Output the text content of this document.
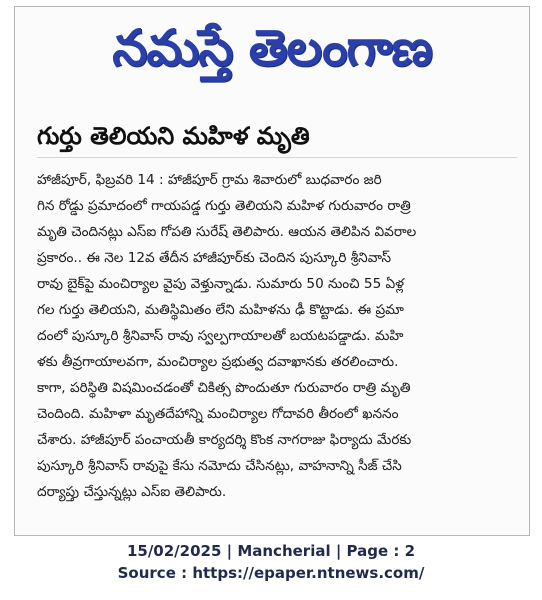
నమస్తే తెలంగాణ
గుర్తు తెలియని మహిళ మృతి
హాజీపూర్, ఫిబ్రవరి 14 : హాజీపూర్ గ్రామ శివారులో బుధవారం జరి
గిన రోడ్డు ప్రమాదంలో గాయపడ్డ గుర్తు తెలియని మహిళ గురువారం రాత్రి
మృతి చెందినట్లు ఎస్ఐ గోపతి సురేష్ తెలిపారు. ఆయన తెలిపిన వివరాల
ప్రకారం.. ఈ నెల 12వ తేదీన హాజీపూర్‌కు చెందిన పుస్కూరి శ్రీనివాస్
రావు బైక్‌పై మంచిర్యాల వైపు వెళ్తున్నాడు. సుమారు 50 నుంచి 55 ఏళ్ల
గల గుర్తు తెలియని, మతిస్థిమితం లేని మహిళను ఢీ కొట్టాడు. ఈ ప్రమా
దంలో పుస్కూరి శ్రీనివాస్ రావు స్వల్పగాయాలతో బయటపడ్డాడు. మహి
ళకు తీవ్రగాయాలవగా, మంచిర్యాల ప్రభుత్వ దవాఖానకు తరలించారు.
కాగా, పరిస్థితి విషమించడంతో చికిత్స పొందుతూ గురువారం రాత్రి మృతి
చెందింది. మహిళా మృతదేహాన్ని మంచిర్యాల గోదావరి తీరంలో ఖననం
చేశారు. హాజీపూర్ పంచాయతీ కార్యదర్శి కొంక నాగరాజు ఫిర్యాదు మేరకు
పుస్కూరి శ్రీనివాస్ రావుపై కేసు నమోదు చేసినట్లు, వాహనాన్ని సీజ్ చేసి
దర్యాప్తు చేస్తున్నట్లు ఎస్ఐ తెలిపారు.
15/02/2025 | Mancherial | Page : 2
Source : https://epaper.ntnews.com/
